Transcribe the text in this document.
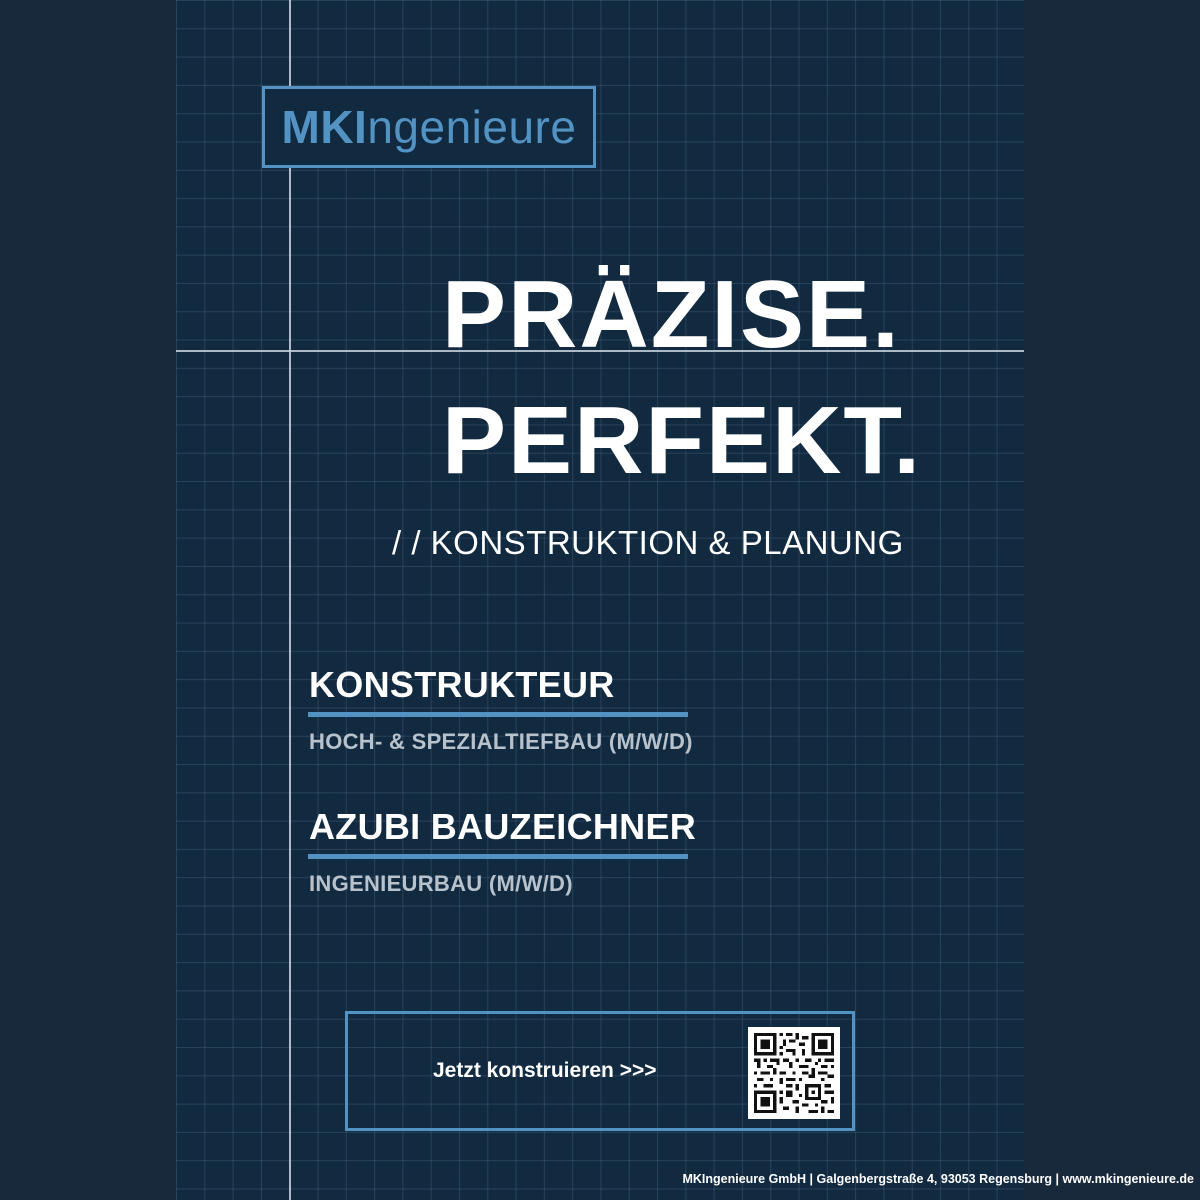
MKIngenieure
PRÄZISE.
PERFEKT.
/ / KONSTRUKTION & PLANUNG
KONSTRUKTEUR
HOCH- & SPEZIALTIEFBAU (M/W/D)
AZUBI BAUZEICHNER
INGENIEURBAU (M/W/D)
Jetzt konstruieren >>>
MKIngenieure GmbH | Galgenbergstraße 4, 93053 Regensburg | www.mkingenieure.de
